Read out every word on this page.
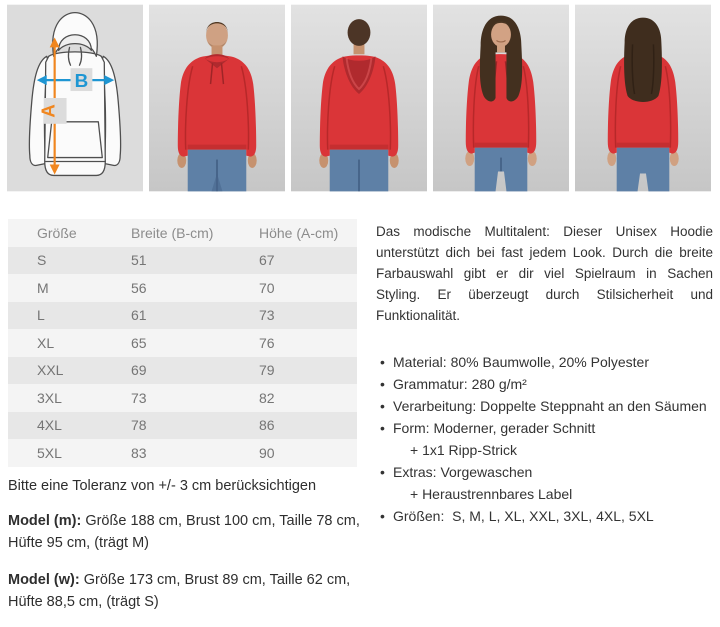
B
A
Größe	Breite (B-cm)	Höhe (A-cm)
S	51	67
M	56	70
L	61	73
XL	65	76
XXL	69	79
3XL	73	82
4XL	78	86
5XL	83	90

Bitte eine Toleranz von +/- 3 cm berücksichtigen

Model (m): Größe 188 cm, Brust 100 cm, Taille 78 cm, Hüfte 95 cm, (trägt M)

Model (w): Größe 173 cm, Brust 89 cm, Taille 62 cm, Hüfte 88,5 cm, (trägt S)

Das modische Multitalent: Dieser Unisex Hoodie unterstützt dich bei fast jedem Look. Durch die breite Farbauswahl gibt er dir viel Spielraum in Sachen Styling. Er überzeugt durch Stilsicherheit und Funktionalität.

• Material: 80% Baumwolle, 20% Polyester
• Grammatur: 280 g/m²
• Verarbeitung: Doppelte Steppnaht an den Säumen
• Form: Moderner, gerader Schnitt
+ 1x1 Ripp-Strick
• Extras: Vorgewaschen
+ Heraustrennbares Label
• Größen:  S, M, L, XL, XXL, 3XL, 4XL, 5XL
